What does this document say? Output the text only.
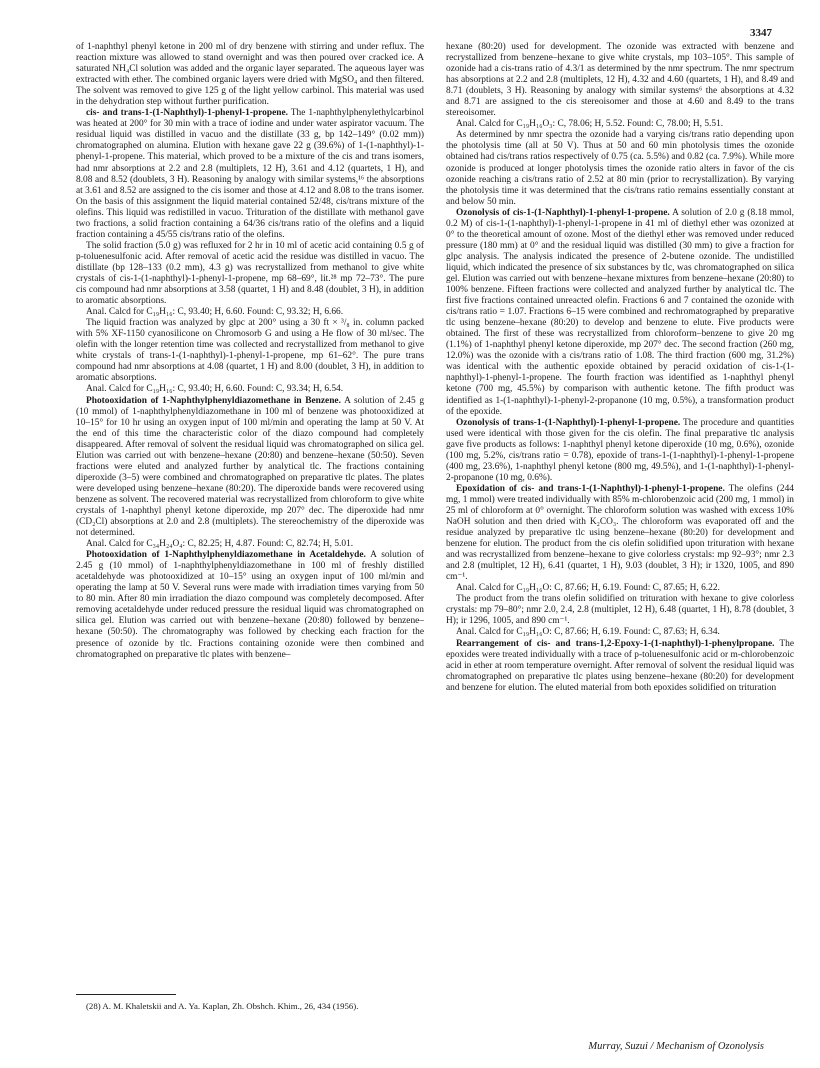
3347

of 1-naphthyl phenyl ketone in 200 ml of dry benzene with stirring and under reflux. The reaction mixture was allowed to stand overnight and was then poured over cracked ice. A saturated NH₄Cl solution was added and the organic layer separated. The aqueous layer was extracted with ether. The combined organic layers were dried with MgSO₄ and then filtered. The solvent was removed to give 125 g of the light yellow carbinol. This material was used in the dehydration step without further purification.

cis- and trans-1-(1-Naphthyl)-1-phenyl-1-propene. The 1-naphthylphenylethylcarbinol was heated at 200° for 30 min with a trace of iodine and under water aspirator vacuum. The residual liquid was distilled in vacuo and the distillate (33 g, bp 142–149° (0.02 mm)) chromatographed on alumina. Elution with hexane gave 22 g (39.6%) of 1-(1-naphthyl)-1-phenyl-1-propene. This material, which proved to be a mixture of the cis and trans isomers, had nmr absorptions at 2.2 and 2.8 (multiplets, 12 H), 3.61 and 4.12 (quartets, 1 H), and 8.08 and 8.52 (doublets, 3 H). Reasoning by analogy with similar systems,¹⁶ the absorptions at 3.61 and 8.52 are assigned to the cis isomer and those at 4.12 and 8.08 to the trans isomer. On the basis of this assignment the liquid material contained 52/48, cis/trans mixture of the olefins. This liquid was redistilled in vacuo. Trituration of the distillate with methanol gave two fractions, a solid fraction containing a 64/36 cis/trans ratio of the olefins and a liquid fraction containing a 45/55 cis/trans ratio of the olefins.

The solid fraction (5.0 g) was refluxed for 2 hr in 10 ml of acetic acid containing 0.5 g of p-toluenesulfonic acid. After removal of acetic acid the residue was distilled in vacuo. The distillate (bp 128–133 (0.2 mm), 4.3 g) was recrystallized from methanol to give white crystals of cis-1-(1-naphthyl)-1-phenyl-1-propene, mp 68–69°, lit.²⁸ mp 72–73°. The pure cis compound had nmr absorptions at 3.58 (quartet, 1 H) and 8.48 (doublet, 3 H), in addition to aromatic absorptions.

Anal. Calcd for C₁₉H₁₆: C, 93.40; H, 6.60. Found: C, 93.32; H, 6.66.

The liquid fraction was analyzed by glpc at 200° using a 30 ft × ³/₈ in. column packed with 5% XF-1150 cyanosilicone on Chromosorb G and using a He flow of 30 ml/sec. The olefin with the longer retention time was collected and recrystallized from methanol to give white crystals of trans-1-(1-naphthyl)-1-phenyl-1-propene, mp 61–62°. The pure trans compound had nmr absorptions at 4.08 (quartet, 1 H) and 8.00 (doublet, 3 H), in addition to aromatic absorptions.

Anal. Calcd for C₁₉H₁₆: C, 93.40; H, 6.60. Found: C, 93.34; H, 6.54.

Photooxidation of 1-Naphthylphenyldiazomethane in Benzene. A solution of 2.45 g (10 mmol) of 1-naphthylphenyldiazomethane in 100 ml of benzene was photooxidized at 10–15° for 10 hr using an oxygen input of 100 ml/min and operating the lamp at 50 V. At the end of this time the characteristic color of the diazo compound had completely disappeared. After removal of solvent the residual liquid was chromatographed on silica gel. Elution was carried out with benzene–hexane (20:80) and benzene–hexane (50:50). Seven fractions were eluted and analyzed further by analytical tlc. The fractions containing diperoxide (3–5) were combined and chromatographed on preparative tlc plates. The plates were developed using benzene–hexane (80:20). The diperoxide bands were recovered using benzene as solvent. The recovered material was recrystallized from chloroform to give white crystals of 1-naphthyl phenyl ketone diperoxide, mp 207° dec. The diperoxide had nmr (CD₂Cl) absorptions at 2.0 and 2.8 (multiplets). The stereochemistry of the diperoxide was not determined.

Anal. Calcd for C₃₄H₂₄O₄: C, 82.25; H, 4.87. Found: C, 82.74; H, 5.01.

Photooxidation of 1-Naphthylphenyldiazomethane in Acetaldehyde. A solution of 2.45 g (10 mmol) of 1-naphthylphenyldiazomethane in 100 ml of freshly distilled acetaldehyde was photooxidized at 10–15° using an oxygen input of 100 ml/min and operating the lamp at 50 V. Several runs were made with irradiation times varying from 50 to 80 min. After 80 min irradiation the diazo compound was completely decomposed. After removing acetaldehyde under reduced pressure the residual liquid was chromatographed on silica gel. Elution was carried out with benzene–hexane (20:80) followed by benzene–hexane (50:50). The chromatography was followed by checking each fraction for the presence of ozonide by tlc. Fractions containing ozonide were then combined and chromatographed on preparative tlc plates with benzene–

hexane (80:20) used for development. The ozonide was extracted with benzene and recrystallized from benzene–hexane to give white crystals, mp 103–105°. This sample of ozonide had a cis-trans ratio of 4.3/1 as determined by the nmr spectrum. The nmr spectrum has absorptions at 2.2 and 2.8 (multiplets, 12 H), 4.32 and 4.60 (quartets, 1 H), and 8.49 and 8.71 (doublets, 3 H). Reasoning by analogy with similar systems⁶ the absorptions at 4.32 and 8.71 are assigned to the cis stereoisomer and those at 4.60 and 8.49 to the trans stereoisomer.

Anal. Calcd for C₁₉H₁₆O₃: C, 78.06; H, 5.52. Found: C, 78.00; H, 5.51.

As determined by nmr spectra the ozonide had a varying cis/trans ratio depending upon the photolysis time (all at 50 V). Thus at 50 and 60 min photolysis times the ozonide obtained had cis/trans ratios respectively of 0.75 (ca. 5.5%) and 0.82 (ca. 7.9%). While more ozonide is produced at longer photolysis times the ozonide ratio alters in favor of the cis ozonide reaching a cis/trans ratio of 2.52 at 80 min (prior to recrystallization). By varying the photolysis time it was determined that the cis/trans ratio remains essentially constant at and below 50 min.

Ozonolysis of cis-1-(1-Naphthyl)-1-phenyl-1-propene. A solution of 2.0 g (8.18 mmol, 0.2 M) of cis-1-(1-naphthyl)-1-phenyl-1-propene in 41 ml of diethyl ether was ozonized at 0° to the theoretical amount of ozone. Most of the diethyl ether was removed under reduced pressure (180 mm) at 0° and the residual liquid was distilled (30 mm) to give a fraction for glpc analysis. The analysis indicated the presence of 2-butene ozonide. The undistilled liquid, which indicated the presence of six substances by tlc, was chromatographed on silica gel. Elution was carried out with benzene–hexane mixtures from benzene–hexane (20:80) to 100% benzene. Fifteen fractions were collected and analyzed further by analytical tlc. The first five fractions contained unreacted olefin. Fractions 6 and 7 contained the ozonide with cis/trans ratio = 1.07. Fractions 6–15 were combined and rechromatographed by preparative tlc using benzene–hexane (80:20) to develop and benzene to elute. Five products were obtained. The first of these was recrystallized from chloroform–benzene to give 20 mg (1.1%) of 1-naphthyl phenyl ketone diperoxide, mp 207° dec. The second fraction (260 mg, 12.0%) was the ozonide with a cis/trans ratio of 1.08. The third fraction (600 mg, 31.2%) was identical with the authentic epoxide obtained by peracid oxidation of cis-1-(1-naphthyl)-1-phenyl-1-propene. The fourth fraction was identified as 1-naphthyl phenyl ketone (700 mg, 45.5%) by comparison with authentic ketone. The fifth product was identified as 1-(1-naphthyl)-1-phenyl-2-propanone (10 mg, 0.5%), a transformation product of the epoxide.

Ozonolysis of trans-1-(1-Naphthyl)-1-phenyl-1-propene. The procedure and quantities used were identical with those given for the cis olefin. The final preparative tlc analysis gave five products as follows: 1-naphthyl phenyl ketone diperoxide (10 mg, 0.6%), ozonide (100 mg, 5.2%, cis/trans ratio = 0.78), epoxide of trans-1-(1-naphthyl)-1-phenyl-1-propene (400 mg, 23.6%), 1-naphthyl phenyl ketone (800 mg, 49.5%), and 1-(1-naphthyl)-1-phenyl-2-propanone (10 mg, 0.6%).

Epoxidation of cis- and trans-1-(1-Naphthyl)-1-phenyl-1-propene. The olefins (244 mg, 1 mmol) were treated individually with 85% m-chlorobenzoic acid (200 mg, 1 mmol) in 25 ml of chloroform at 0° overnight. The chloroform solution was washed with excess 10% NaOH solution and then dried with K₂CO₃. The chloroform was evaporated off and the residue analyzed by preparative tlc using benzene–hexane (80:20) for development and benzene for elution. The product from the cis olefin solidified upon trituration with hexane and was recrystallized from benzene–hexane to give colorless crystals: mp 92–93°; nmr 2.3 and 2.8 (multiplet, 12 H), 6.41 (quartet, 1 H), 9.03 (doublet, 3 H); ir 1320, 1005, and 890 cm⁻¹.

Anal. Calcd for C₁₉H₁₆O: C, 87.66; H, 6.19. Found: C, 87.65; H, 6.22.

The product from the trans olefin solidified on trituration with hexane to give colorless crystals: mp 79–80°; nmr 2.0, 2.4, 2.8 (multiplet, 12 H), 6.48 (quartet, 1 H), 8.78 (doublet, 3 H); ir 1296, 1005, and 890 cm⁻¹.

Anal. Calcd for C₁₉H₁₆O: C, 87.66; H, 6.19. Found: C, 87.63; H, 6.34.

Rearrangement of cis- and trans-1,2-Epoxy-1-(1-naphthyl)-1-phenylpropane. The epoxides were treated individually with a trace of p-toluenesulfonic acid or m-chlorobenzoic acid in ether at room temperature overnight. After removal of solvent the residual liquid was chromatographed on preparative tlc plates using benzene–hexane (80:20) for development and benzene for elution. The eluted material from both epoxides solidified on trituration

(28) A. M. Khaletskii and A. Ya. Kaplan, Zh. Obshch. Khim., 26, 434 (1956).
Murray, Suzui / Mechanism of Ozonolysis
